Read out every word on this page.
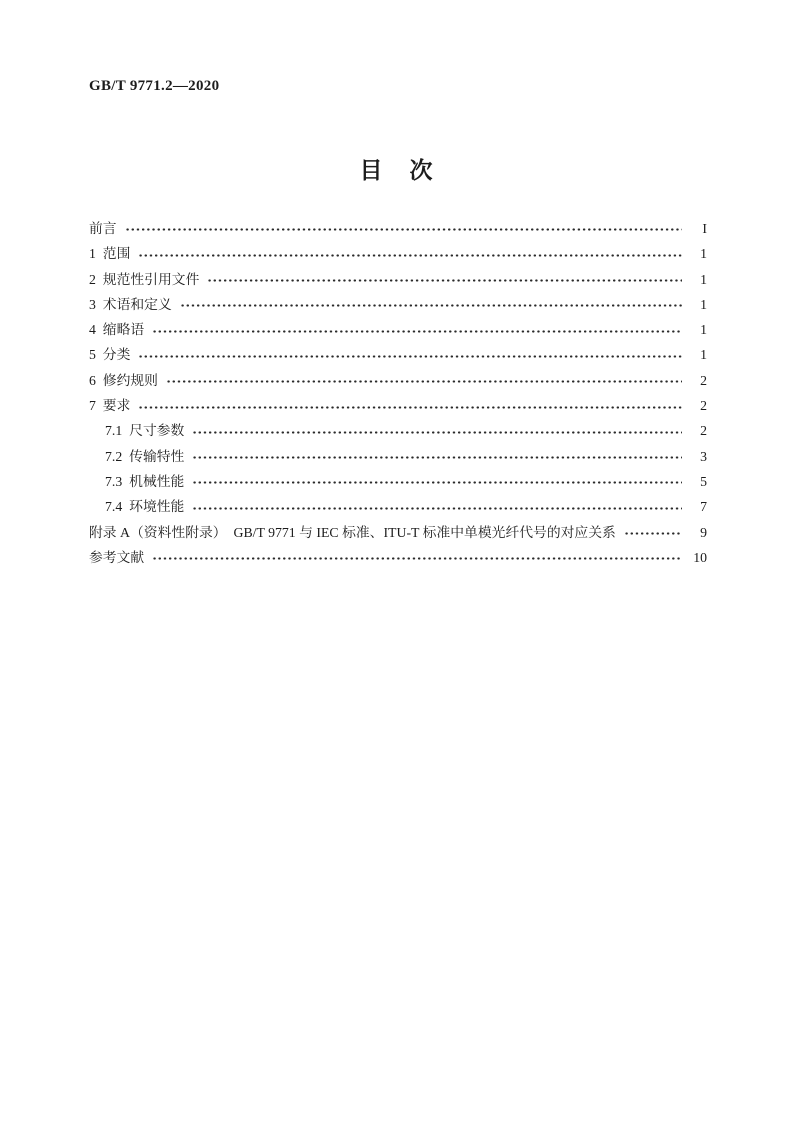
GB/T 9771.2—2020
目　次
前言	I
1  范围	1
2  规范性引用文件	1
3  术语和定义	1
4  缩略语	1
5  分类	1
6  修约规则	2
7  要求	2
7.1  尺寸参数	2
7.2  传输特性	3
7.3  机械性能	5
7.4  环境性能	7
附录 A（资料性附录）  GB/T 9771 与 IEC 标准、ITU-T 标准中单模光纤代号的对应关系	9
参考文献	10
